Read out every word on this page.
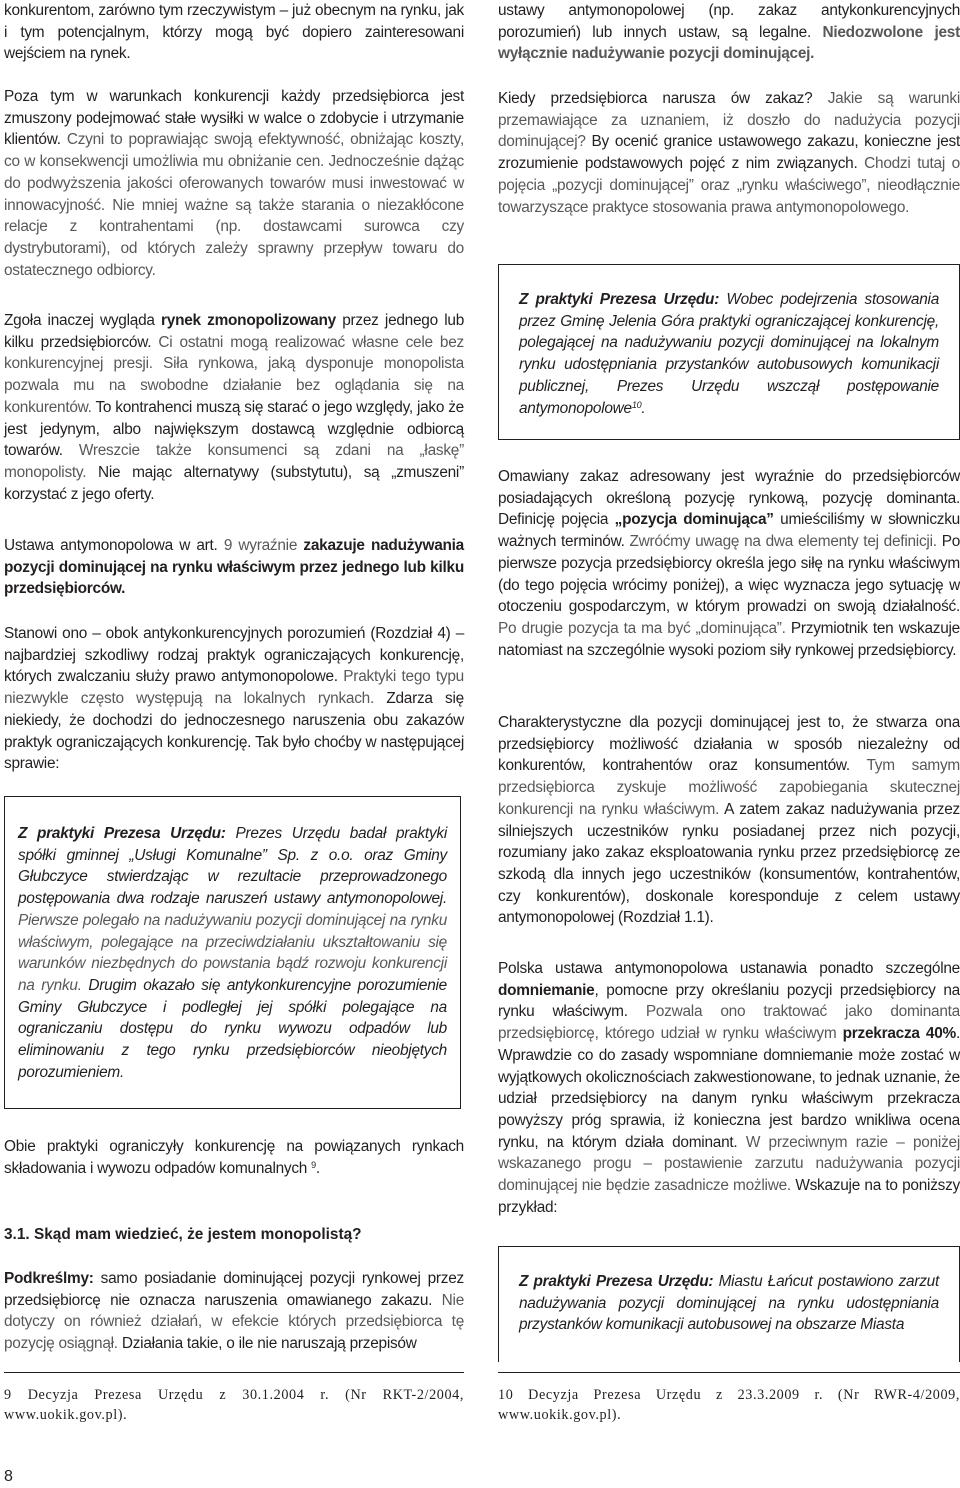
konkurentom, zarówno tym rzeczywistym – już obecnym na rynku, jak i tym potencjalnym, którzy mogą być dopiero zainteresowani wejściem na rynek.

Poza tym w warunkach konkurencji każdy przedsiębiorca jest zmuszony podejmować stałe wysiłki w walce o zdobycie i utrzymanie klientów. Czyni to poprawiając swoją efektywność, obniżając koszty, co w konsekwencji umożliwia mu obniżanie cen. Jednocześnie dążąc do podwyższenia jakości oferowanych towarów musi inwestować w innowacyjność. Nie mniej ważne są także starania o niezakłócone relacje z kontrahentami (np. dostawcami surowca czy dystrybutorami), od których zależy sprawny przepływ towaru do ostatecznego odbiorcy.

Zgoła inaczej wygląda rynek zmonopolizowany przez jednego lub kilku przedsiębiorców. Ci ostatni mogą realizować własne cele bez konkurencyjnej presji. Siła rynkowa, jaką dysponuje monopolista pozwala mu na swobodne działanie bez oglądania się na konkurentów. To kontrahenci muszą się starać o jego względy, jako że jest jedynym, albo największym dostawcą względnie odbiorcą towarów. Wreszcie także konsumenci są zdani na „łaskę” monopolisty. Nie mając alternatywy (substytutu), są „zmuszeni” korzystać z jego oferty.

Ustawa antymonopolowa w art. 9 wyraźnie zakazuje nadużywania pozycji dominującej na rynku właściwym przez jednego lub kilku przedsiębiorców.

Stanowi ono – obok antykonkurencyjnych porozumień (Rozdział 4) – najbardziej szkodliwy rodzaj praktyk ograniczających konkurencję, których zwalczaniu służy prawo antymonopolowe. Praktyki tego typu niezwykle często występują na lokalnych rynkach. Zdarza się niekiedy, że dochodzi do jednoczesnego naruszenia obu zakazów praktyk ograniczających konkurencję. Tak było choćby w następującej sprawie:

Z praktyki Prezesa Urzędu: Prezes Urzędu badał praktyki spółki gminnej „Usługi Komunalne” Sp. z o.o. oraz Gminy Głubczyce stwierdzając w rezultacie przeprowadzonego postępowania dwa rodzaje naruszeń ustawy antymonopolowej. Pierwsze polegało na nadużywaniu pozycji dominującej na rynku właściwym, polegające na przeciwdziałaniu ukształtowaniu się warunków niezbędnych do powstania bądź rozwoju konkurencji na rynku. Drugim okazało się antykonkurencyjne porozumienie Gminy Głubczyce i podległej jej spółki polegające na ograniczaniu dostępu do rynku wywozu odpadów lub eliminowaniu z tego rynku przedsiębiorców nieobjętych porozumieniem.

Obie praktyki ograniczyły konkurencję na powiązanych rynkach składowania i wywozu odpadów komunalnych $^9$.

3.1. Skąd mam wiedzieć, że jestem monopolistą?

Podkreślmy: samo posiadanie dominującej pozycji rynkowej przez przedsiębiorcę nie oznacza naruszenia omawianego zakazu. Nie dotyczy on również działań, w efekcie których przedsiębiorca tę pozycję osiągnął. Działania takie, o ile nie naruszają przepisów

9 Decyzja Prezesa Urzędu z 30.1.2004 r. (Nr RKT-2/2004, www.uokik.gov.pl).

8

ustawy antymonopolowej (np. zakaz antykonkurencyjnych porozumień) lub innych ustaw, są legalne. Niedozwolone jest wyłącznie nadużywanie pozycji dominującej.

Kiedy przedsiębiorca narusza ów zakaz? Jakie są warunki przemawiające za uznaniem, iż doszło do nadużycia pozycji dominującej? By ocenić granice ustawowego zakazu, konieczne jest zrozumienie podstawowych pojęć z nim związanych. Chodzi tutaj o pojęcia „pozycji dominującej” oraz „rynku właściwego”, nieodłącznie towarzyszące praktyce stosowania prawa antymonopolowego.

Z praktyki Prezesa Urzędu: Wobec podejrzenia stosowania przez Gminę Jelenia Góra praktyki ograniczającej konkurencję, polegającej na nadużywaniu pozycji dominującej na lokalnym rynku udostępniania przystanków autobusowych komunikacji publicznej, Prezes Urzędu wszczął postępowanie antymonopolowe$^{10}$.

Omawiany zakaz adresowany jest wyraźnie do przedsiębiorców posiadających określoną pozycję rynkową, pozycję dominanta. Definicję pojęcia „pozycja dominująca” umieściliśmy w słowniczku ważnych terminów. Zwróćmy uwagę na dwa elementy tej definicji. Po pierwsze pozycja przedsiębiorcy określa jego siłę na rynku właściwym (do tego pojęcia wrócimy poniżej), a więc wyznacza jego sytuację w otoczeniu gospodarczym, w którym prowadzi on swoją działalność. Po drugie pozycja ta ma być „dominująca”. Przymiotnik ten wskazuje natomiast na szczególnie wysoki poziom siły rynkowej przedsiębiorcy.

Charakterystyczne dla pozycji dominującej jest to, że stwarza ona przedsiębiorcy możliwość działania w sposób niezależny od konkurentów, kontrahentów oraz konsumentów. Tym samym przedsiębiorca zyskuje możliwość zapobiegania skutecznej konkurencji na rynku właściwym. A zatem zakaz nadużywania przez silniejszych uczestników rynku posiadanej przez nich pozycji, rozumiany jako zakaz eksploatowania rynku przez przedsiębiorcę ze szkodą dla innych jego uczestników (konsumentów, kontrahentów, czy konkurentów), doskonale koresponduje z celem ustawy antymonopolowej (Rozdział 1.1).

Polska ustawa antymonopolowa ustanawia ponadto szczególne domniemanie, pomocne przy określaniu pozycji przedsiębiorcy na rynku właściwym. Pozwala ono traktować jako dominanta przedsiębiorcę, którego udział w rynku właściwym przekracza 40%. Wprawdzie co do zasady wspomniane domniemanie może zostać w wyjątkowych okolicznościach zakwestionowane, to jednak uznanie, że udział przedsiębiorcy na danym rynku właściwym przekracza powyższy próg sprawia, iż konieczna jest bardzo wnikliwa ocena rynku, na którym działa dominant. W przeciwnym razie – poniżej wskazanego progu – postawienie zarzutu nadużywania pozycji dominującej nie będzie zasadnicze możliwe. Wskazuje na to poniższy przykład:

Z praktyki Prezesa Urzędu: Miastu Łańcut postawiono zarzut nadużywania pozycji dominującej na rynku udostępniania przystanków komunikacji autobusowej na obszarze Miasta

10 Decyzja Prezesa Urzędu z 23.3.2009 r. (Nr RWR-4/2009, www.uokik.gov.pl).
